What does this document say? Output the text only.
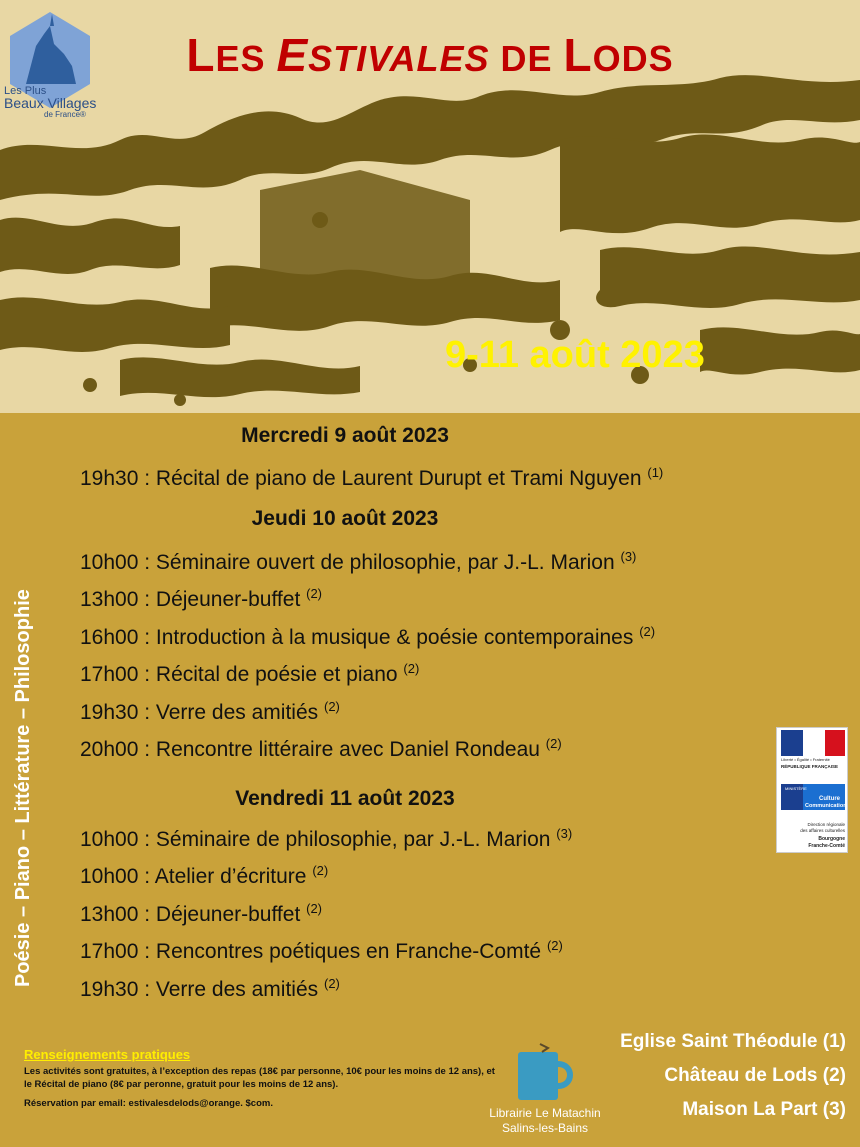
Les Plus
Beaux Villages
de France®
LES ESTIVALES DE LODS
9-11 août 2023
Poésie – Piano – Littérature – Philosophie
Mercredi 9 août 2023
19h30 : Récital de piano de Laurent Durupt et Trami Nguyen $^{(1)}$
Jeudi 10 août 2023
10h00 : Séminaire ouvert de philosophie, par J.-L. Marion $^{(3)}$
13h00 : Déjeuner-buffet $^{(2)}$
16h00 : Introduction à la musique & poésie contemporaines $^{(2)}$
17h00 : Récital de poésie et piano $^{(2)}$
19h30 : Verre des amitiés $^{(2)}$
20h00 : Rencontre littéraire avec Daniel Rondeau $^{(2)}$
Vendredi 11 août 2023
10h00 : Séminaire de philosophie, par J.-L. Marion $^{(3)}$
10h00 : Atelier d’écriture $^{(2)}$
13h00 : Déjeuner-buffet $^{(2)}$
17h00 : Rencontres poétiques en Franche-Comté $^{(2)}$
19h30 : Verre des amitiés $^{(2)}$
Liberté • Égalité • Fraternité
RÉPUBLIQUE FRANÇAISE
MINISTÈRE
Culture
Communication
Direction régionale
des affaires culturelles
Bourgogne
Franche-Comté
Renseignements pratiques

Les activités sont gratuites, à l’exception des repas (18€ par personne, 10€ pour les moins de 12 ans), et le Récital de piano (8€ par peronne, gratuit pour les moins de 12 ans).

Réservation par email: estivalesdelods@orange. $com.

Librairie Le Matachin
Salins-les-Bains
Eglise Saint Théodule (1)
Château de Lods (2)
Maison La Part (3)
